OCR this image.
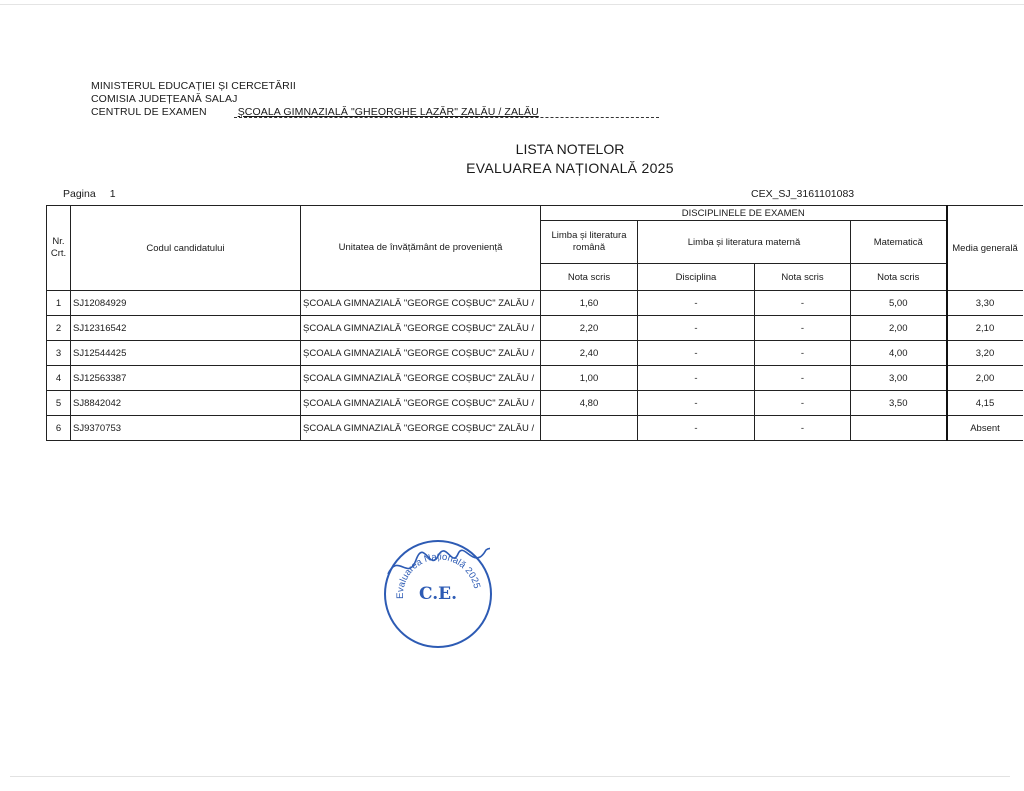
MINISTERUL EDUCAȚIEI ȘI CERCETĂRII
COMISIA JUDEȚEANĂ SALAJ
CENTRUL DE EXAMEN	ȘCOALA GIMNAZIALĂ "GHEORGHE LAZĂR" ZALĂU / ZALĂU
LISTA NOTELOR
EVALUAREA NAȚIONALĂ 2025
Pagina 1	CEX_SJ_3161101083
Nr. Crt.	Codul candidatului	Unitatea de învățământ de proveniență	DISCIPLINELE DE EXAMEN				Media generală
			Limba și literatura română	Limba și literatura maternă		Matematică	
			Nota scris	Disciplina	Nota scris	Nota scris	
1	SJ12084929	ȘCOALA GIMNAZIALĂ "GEORGE COȘBUC" ZALĂU /	1,60	-	-	5,00	3,30
2	SJ12316542	ȘCOALA GIMNAZIALĂ "GEORGE COȘBUC" ZALĂU /	2,20	-	-	2,00	2,10
3	SJ12544425	ȘCOALA GIMNAZIALĂ "GEORGE COȘBUC" ZALĂU /	2,40	-	-	4,00	3,20
4	SJ12563387	ȘCOALA GIMNAZIALĂ "GEORGE COȘBUC" ZALĂU /	1,00	-	-	3,00	2,00
5	SJ8842042	ȘCOALA GIMNAZIALĂ "GEORGE COȘBUC" ZALĂU /	4,80	-	-	3,50	4,15
6	SJ9370753	ȘCOALA GIMNAZIALĂ "GEORGE COȘBUC" ZALĂU /		-	-		Absent
Evaluarea Națională 2025
C.E.
